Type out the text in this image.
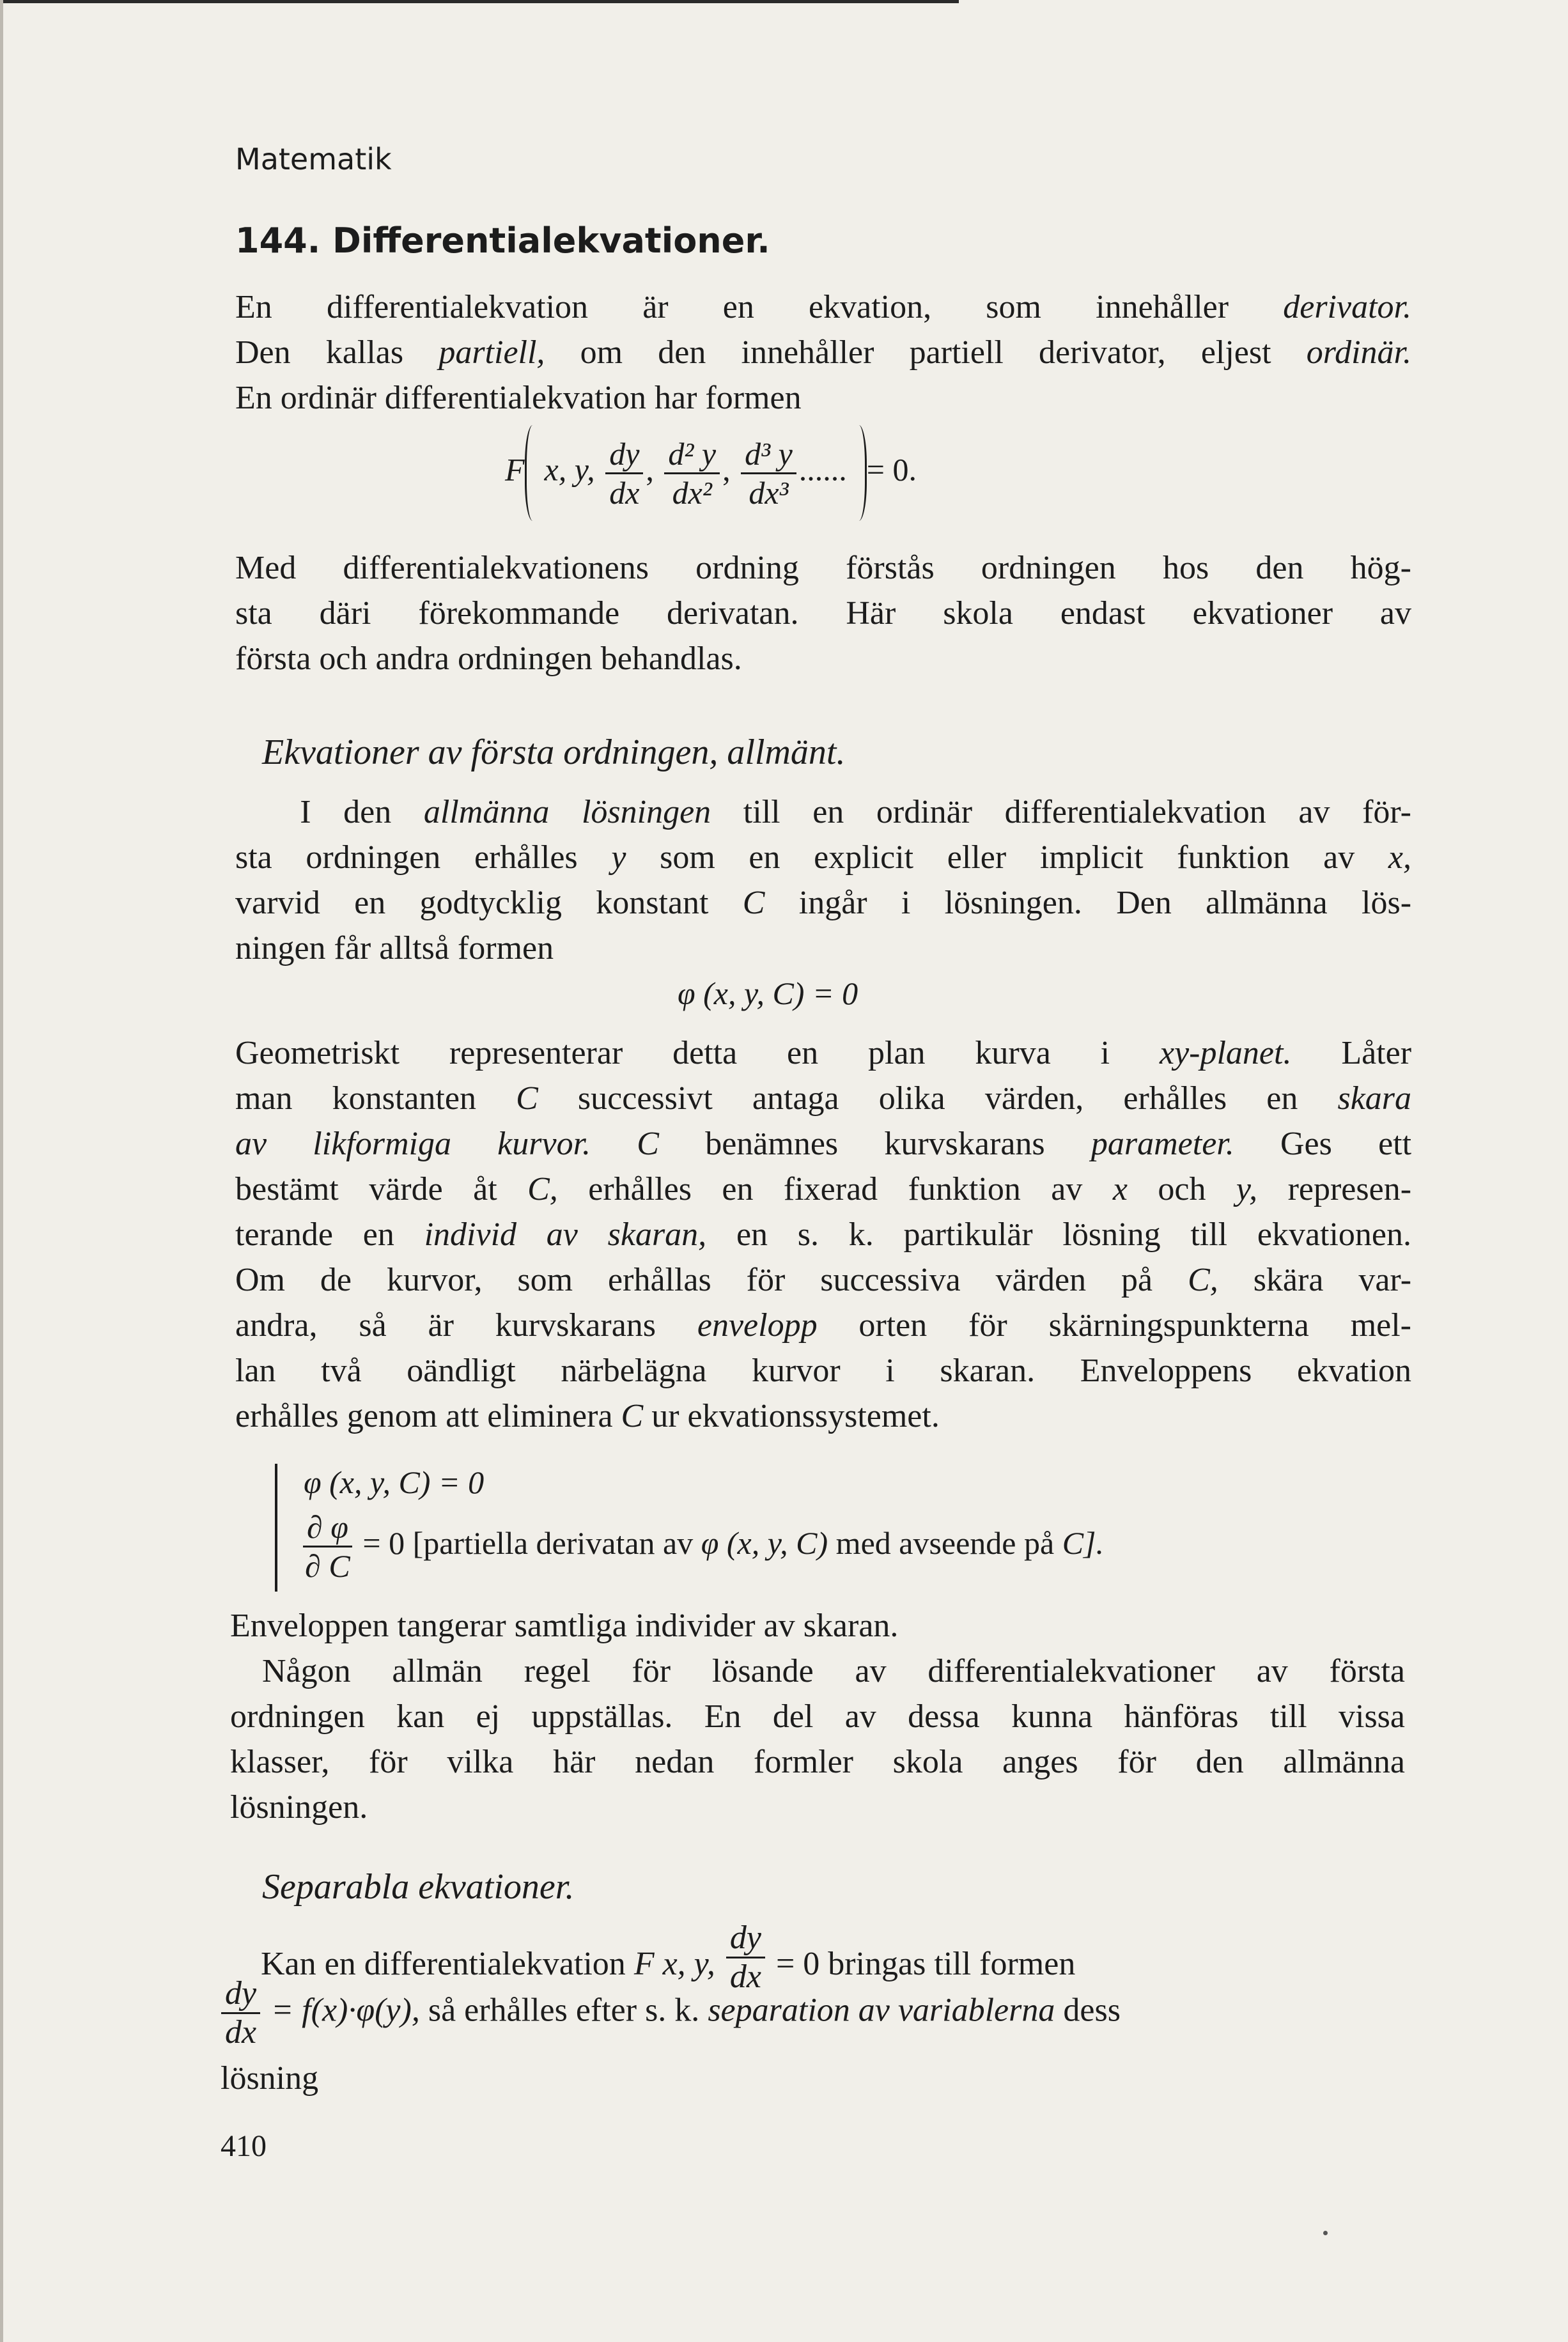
Matematik
144. Differentialekvationer.
En differentialekvation är en ekvation, som innehåller derivator.
Den kallas partiell, om den innehåller partiell derivator, eljest ordinär.
En ordinär differentialekvation har formen
F x, y, $\frac{dy}{dx}$ , $\frac{\text{d² y}}{\text{dx²}}$ , $\frac{\text{d³ y}}{\text{dx³}}$ ...... = 0.
Med differentialekvationens ordning förstås ordningen hos den hög-
sta däri förekommande derivatan. Här skola endast ekvationer av
första och andra ordningen behandlas.
Ekvationer av första ordningen, allmänt.
I den allmänna lösningen till en ordinär differentialekvation av för-
sta ordningen erhålles y som en explicit eller implicit funktion av x,
varvid en godtycklig konstant C ingår i lösningen. Den allmänna lös-
ningen får alltså formen
φ (x, y, C) = 0
Geometriskt representerar detta en plan kurva i xy-planet. Låter
man konstanten C successivt antaga olika värden, erhålles en skara
av likformiga kurvor. C benämnes kurvskarans parameter. Ges ett
bestämt värde åt C, erhålles en fixerad funktion av x och y, represen-
terande en individ av skaran, en s. k. partikulär lösning till ekvationen.
Om de kurvor, som erhållas för successiva värden på C, skära var-
andra, så är kurvskarans envelopp orten för skärningspunkterna mel-
lan två oändligt närbelägna kurvor i skaran. Enveloppens ekvation
erhålles genom att eliminera C ur ekvationssystemet.
φ (x, y, C) = 0
$\frac{\partial \varphi}{\partial C} = 0$ [partiella derivatan av φ (x, y, C) med avseende på C].
Enveloppen tangerar samtliga individer av skaran.
Någon allmän regel för lösande av differentialekvationer av första
ordningen kan ej uppställas. En del av dessa kunna hänföras till vissa
klasser, för vilka här nedan formler skola anges för den allmänna
lösningen.
Separabla ekvationer.
Kan en differentialekvation F x, y, $\frac{dy}{dx} = 0$ bringas till formen
$\frac{dy}{dx} = f(x)\cdot\varphi(y)$, så erhålles efter s. k. separation av variablerna dess
lösning
410
